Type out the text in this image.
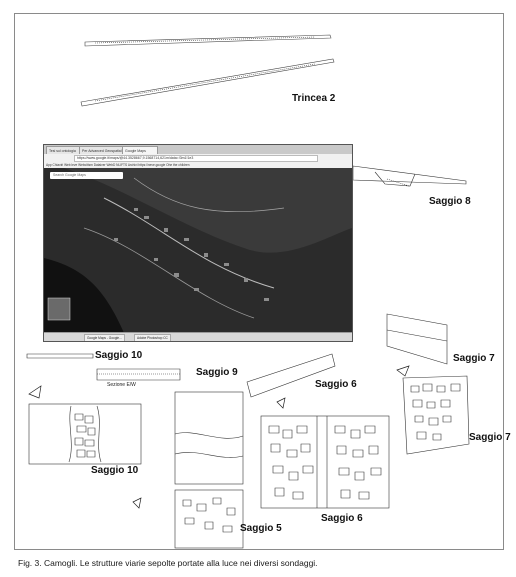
Tesi sul ontologia	Per Advanced Geospatial	Google Maps
https://www.google.it/maps/@44.3528667,9.1568714,621m/data=!3m1!1e3
App Chiaviri Web leve Webcitism Dataiver WebD NLIFTS Archivi https://neve.google Ohe the children
Search Google Maps
Google Maps - Google...	Adobe Photoshop CC
Trincea 2
Saggio 8
Saggio 10
Saggio 9
Saggio 6
Saggio 7
Saggio 7
Saggio 10
Saggio 5
Saggio 6
Sezione E/W
Fig. 3. Camogli. Le strutture viarie sepolte portate alla luce nei diversi sondaggi.
